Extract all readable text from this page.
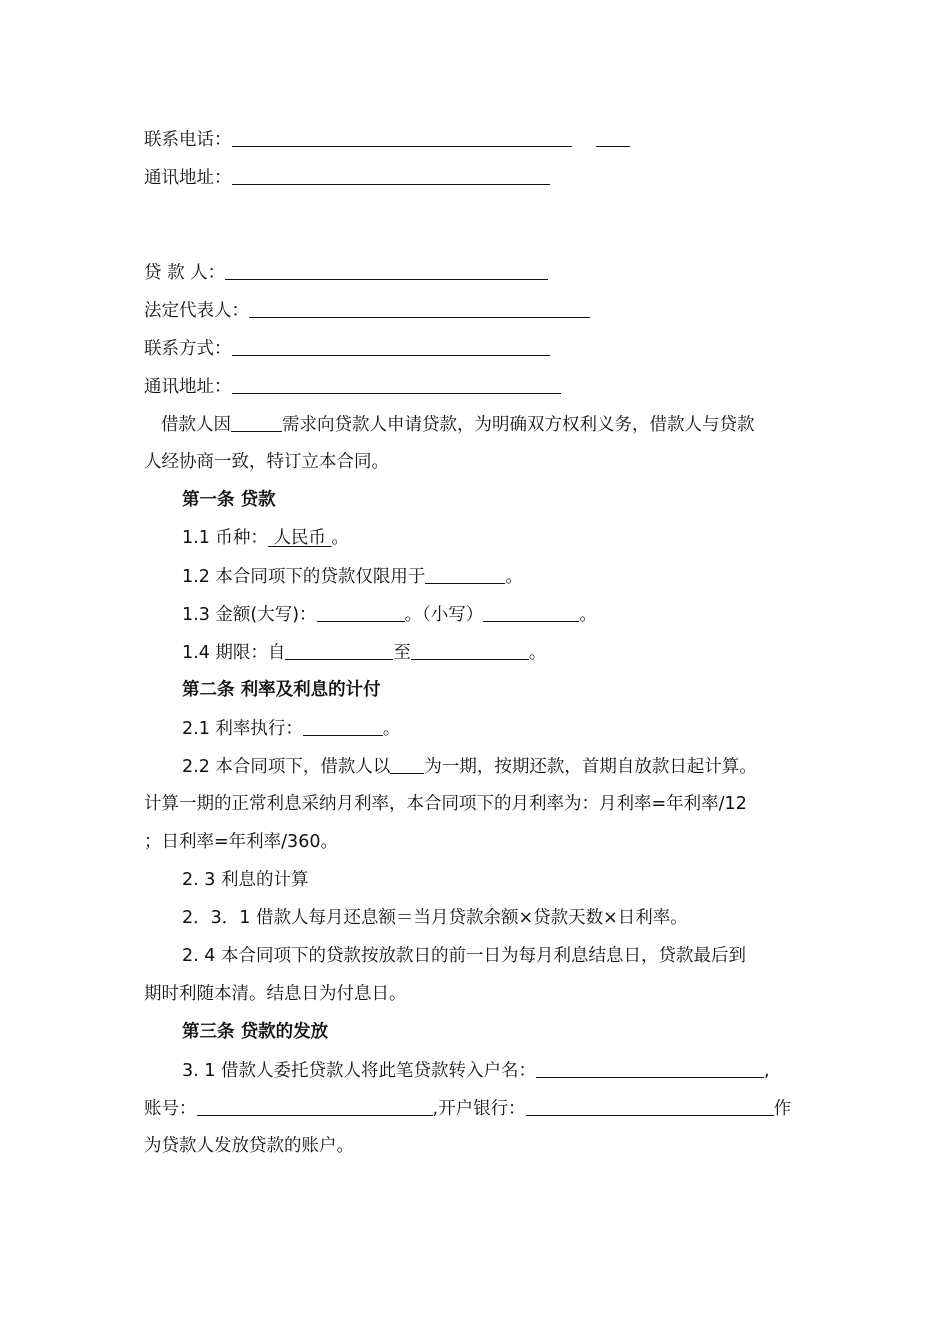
联系电话：
通讯地址：
贷 款 人：
法定代表人：
联系方式：
通讯地址：
借款人因	需求向贷款人申请贷款，为明确双方权利义务，借款人与贷款
人经协商一致，特订立本合同。
第一条 贷款
1.1 币种： 人民币 。
1.2 本合同项下的贷款仅限用于	。
1.3 金额(大写)：	。（小写）	。
1.4 期限：自	至	。
第二条 利率及利息的计付
2.1 利率执行：	。
2.2 本合同项下，借款人以 为一期，按期还款，首期自放款日起计算。
计算一期的正常利息采纳月利率，本合同项下的月利率为：月利率=年利率/12
；日利率=年利率/360。
2. 3 利息的计算
2．3．1 借款人每月还息额＝当月贷款余额×贷款天数×日利率。
2. 4 本合同项下的贷款按放款日的前一日为每月利息结息日，贷款最后到
期时利随本清。结息日为付息日。
第三条 贷款的发放
3. 1 借款人委托贷款人将此笔贷款转入户名：	,
账号：	,开户银行：	作
为贷款人发放贷款的账户。
